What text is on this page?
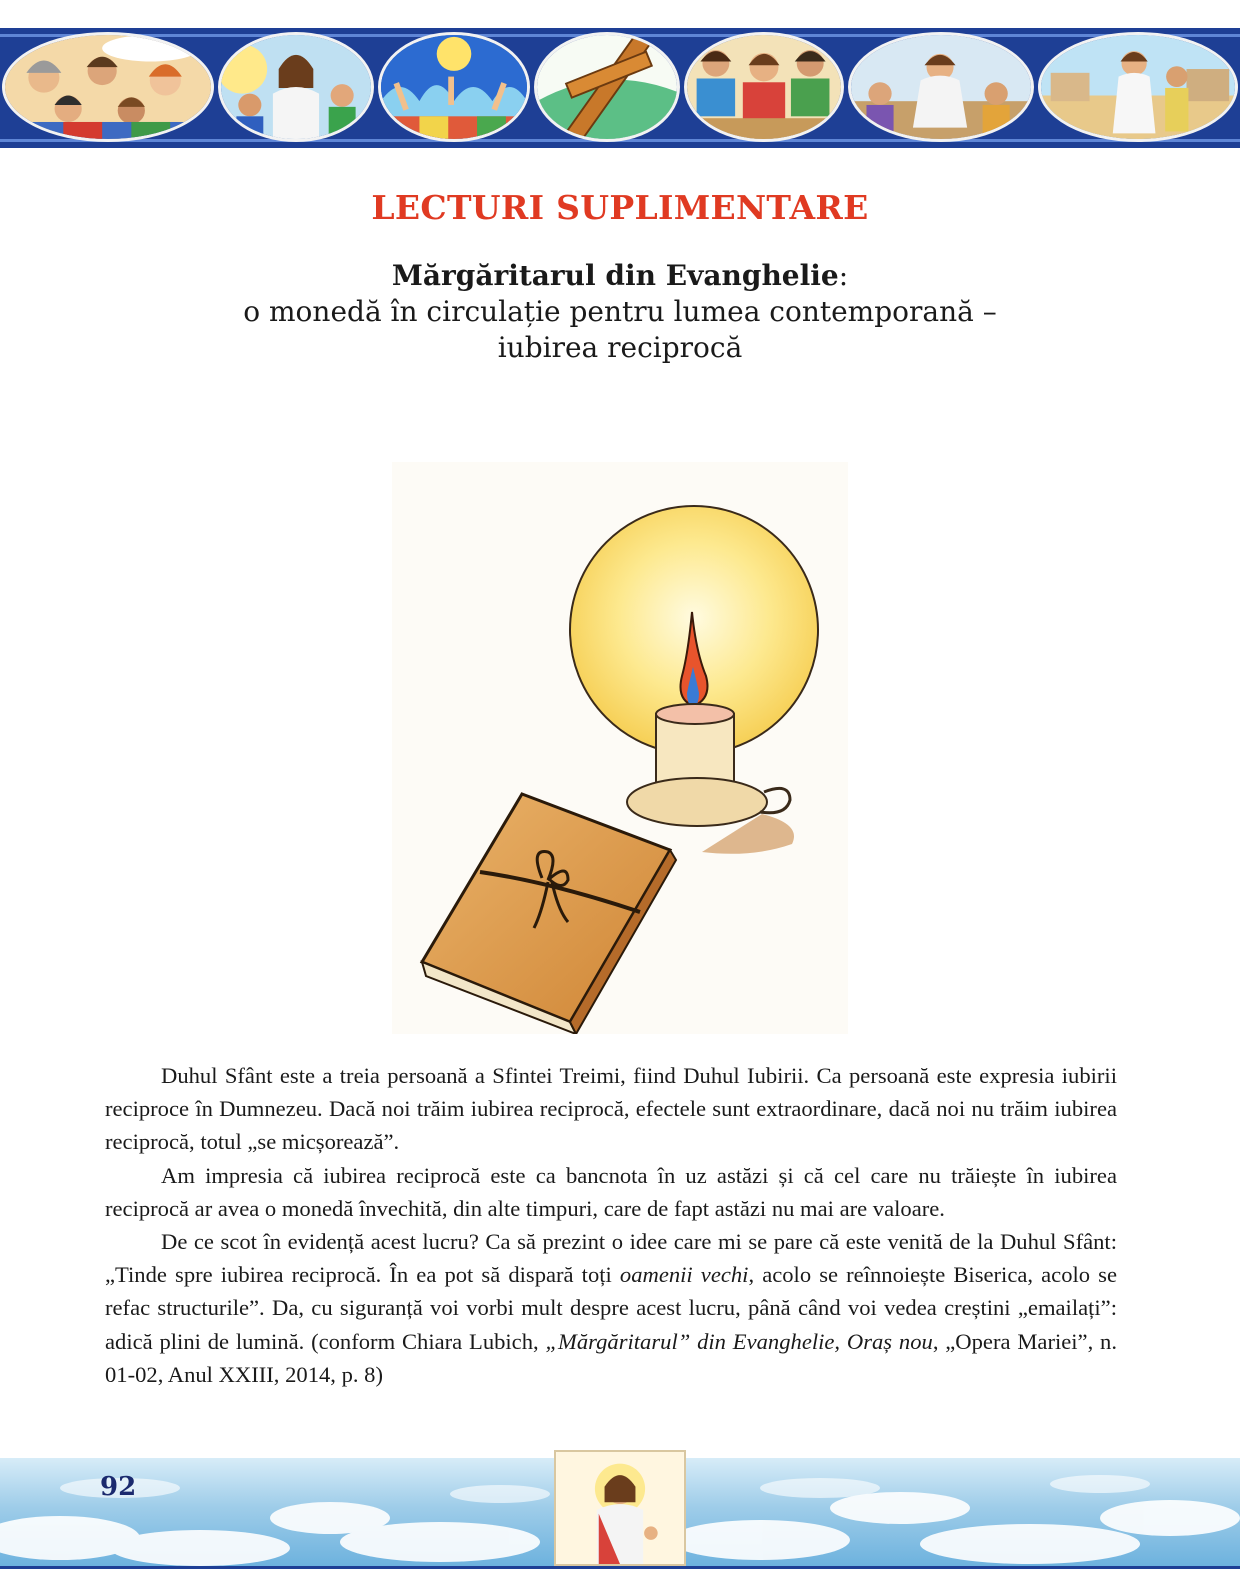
LECTURI SUPLIMENTARE
Mărgăritarul din Evanghelie:
o monedă în circulație pentru lumea contemporană –
iubirea reciprocă

Duhul Sfânt este a treia persoană a Sfintei Treimi, fiind Duhul Iubirii. Ca persoană este expresia iubirii reciproce în Dumnezeu. Dacă noi trăim iubirea reciprocă, efectele sunt extraordinare, dacă noi nu trăim iubirea reciprocă, totul „se micșorează”.

Am impresia că iubirea reciprocă este ca bancnota în uz astăzi și că cel care nu trăiește în iubirea reciprocă ar avea o monedă învechită, din alte timpuri, care de fapt astăzi nu mai are valoare.

De ce scot în evidență acest lucru? Ca să prezint o idee care mi se pare că este venită de la Duhul Sfânt: „Tinde spre iubirea reciprocă. În ea pot să dispară toți oamenii vechi, acolo se reînnoiește Biserica, acolo se refac structurile”. Da, cu siguranță voi vorbi mult despre acest lucru, până când voi vedea creștini „emailați”: adică plini de lumină. (conform Chiara Lubich, „Mărgăritarul” din Evanghelie, Oraș nou, „Opera Mariei”, n. 01-02, Anul XXIII, 2014, p. 8)

92
